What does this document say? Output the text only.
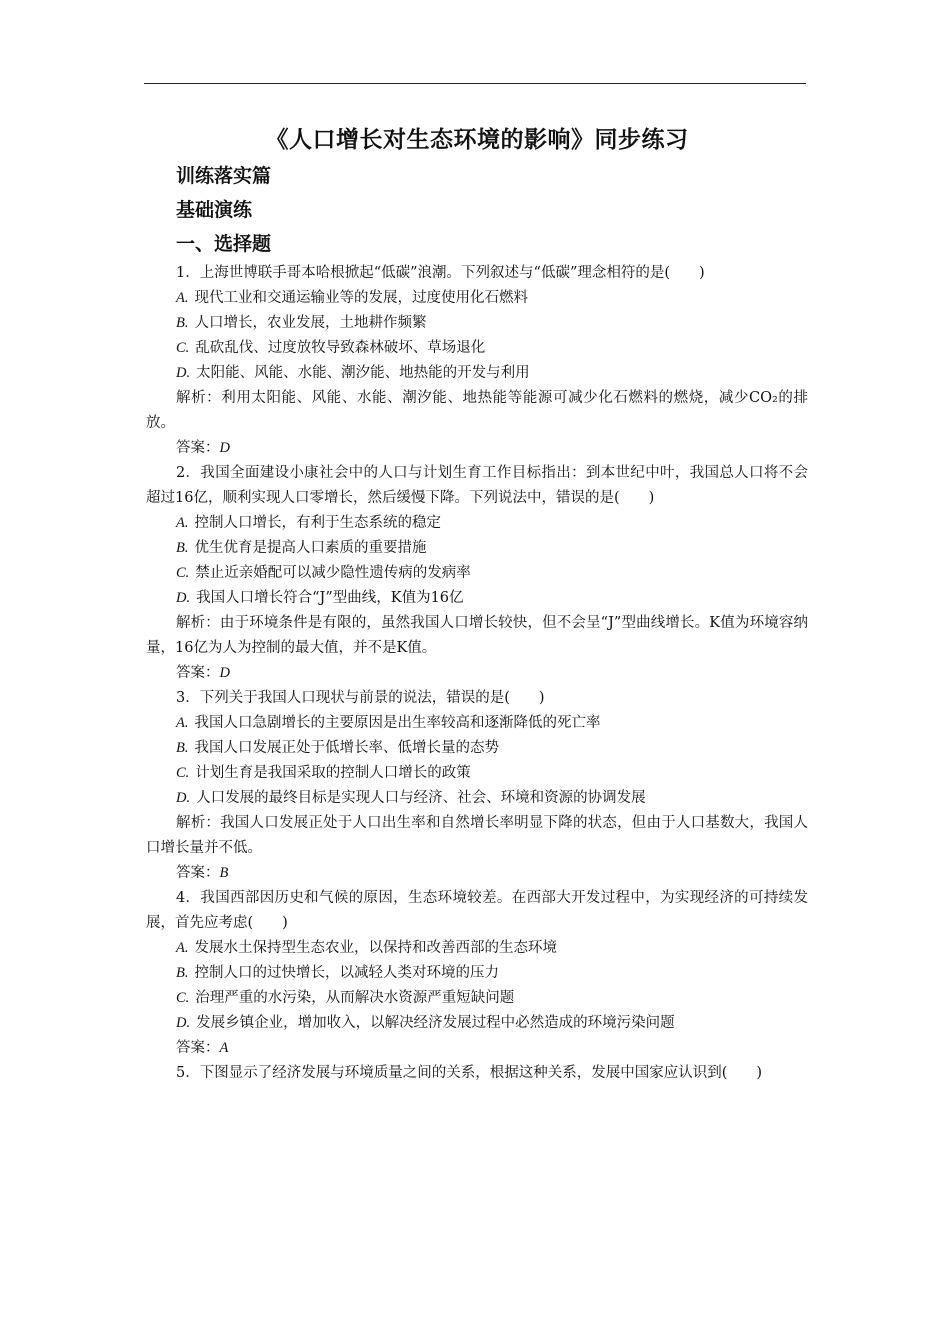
《人口增长对生态环境的影响》同步练习
训练落实篇
基础演练
一、选择题
1．上海世博联手哥本哈根掀起“低碳”浪潮。下列叙述与“低碳”理念相符的是(　　)
A. 现代工业和交通运输业等的发展，过度使用化石燃料
B. 人口增长，农业发展，土地耕作频繁
C. 乱砍乱伐、过度放牧导致森林破坏、草场退化
D. 太阳能、风能、水能、潮汐能、地热能的开发与利用
解析：利用太阳能、风能、水能、潮汐能、地热能等能源可减少化石燃料的燃烧，减少CO₂的排放。
答案：D
2．我国全面建设小康社会中的人口与计划生育工作目标指出：到本世纪中叶，我国总人口将不会超过16亿，顺利实现人口零增长，然后缓慢下降。下列说法中，错误的是(　　)
A. 控制人口增长，有利于生态系统的稳定
B. 优生优育是提高人口素质的重要措施
C. 禁止近亲婚配可以减少隐性遗传病的发病率
D. 我国人口增长符合“J”型曲线，K值为16亿
解析：由于环境条件是有限的，虽然我国人口增长较快，但不会呈“J”型曲线增长。K值为环境容纳量，16亿为人为控制的最大值，并不是K值。
答案：D
3．下列关于我国人口现状与前景的说法，错误的是(　　)
A. 我国人口急剧增长的主要原因是出生率较高和逐渐降低的死亡率
B. 我国人口发展正处于低增长率、低增长量的态势
C. 计划生育是我国采取的控制人口增长的政策
D. 人口发展的最终目标是实现人口与经济、社会、环境和资源的协调发展
解析：我国人口发展正处于人口出生率和自然增长率明显下降的状态，但由于人口基数大，我国人口增长量并不低。
答案：B
4．我国西部因历史和气候的原因，生态环境较差。在西部大开发过程中，为实现经济的可持续发展，首先应考虑(　　)
A. 发展水土保持型生态农业，以保持和改善西部的生态环境
B. 控制人口的过快增长，以减轻人类对环境的压力
C. 治理严重的水污染，从而解决水资源严重短缺问题
D. 发展乡镇企业，增加收入，以解决经济发展过程中必然造成的环境污染问题
答案：A
5．下图显示了经济发展与环境质量之间的关系，根据这种关系，发展中国家应认识到(　　)
